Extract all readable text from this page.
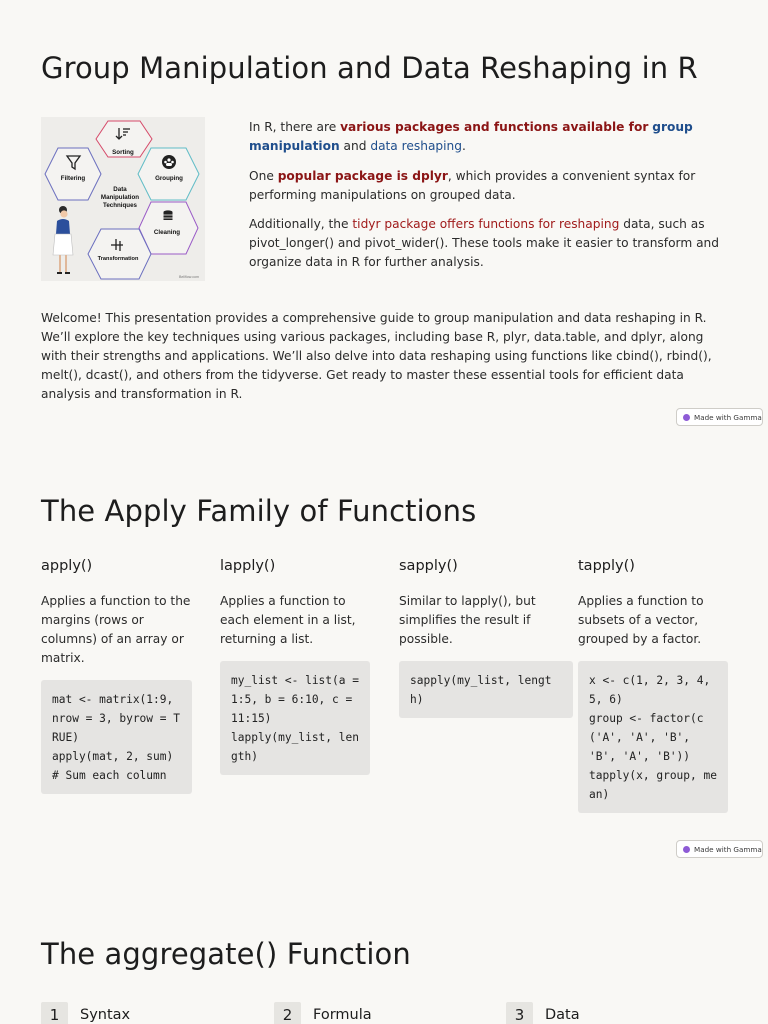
Group Manipulation and Data Reshaping in R
Sorting
Filtering	Grouping
Cleaning
Transformation
Data
Manipulation
Techniques
Bellflow.com

In R, there are various packages and functions available for group manipulation and data reshaping.

One popular package is dplyr, which provides a convenient syntax for performing manipulations on grouped data.

Additionally, the tidyr package offers functions for reshaping data, such as pivot_longer() and pivot_wider(). These tools make it easier to transform and organize data in R for further analysis.

Welcome! This presentation provides a comprehensive guide to group manipulation and data reshaping in R. We’ll explore the key techniques using various packages, including base R, plyr, data.table, and dplyr, along with their strengths and applications. We’ll also delve into data reshaping using functions like cbind(), rbind(), melt(), dcast(), and others from the tidyverse. Get ready to master these essential tools for efficient data analysis and transformation in R.

Made with Gamma
The Apply Family of Functions
apply()
Applies a function to the margins (rows or columns) of an array or matrix.
mat <- matrix(1:9, nrow = 3, byrow = TRUE)
apply(mat, 2, sum) # Sum each column
lapply()
Applies a function to each element in a list, returning a list.
my_list <- list(a = 1:5, b = 6:10, c = 11:15)
lapply(my_list, length)
sapply()
Similar to lapply(), but simplifies the result if possible.
sapply(my_list, length)
tapply()
Applies a function to subsets of a vector, grouped by a factor.
x <- c(1, 2, 3, 4, 5, 6)
group <- factor(c('A', 'A', 'B', 'B', 'A', 'B'))
tapply(x, group, mean)
Made with Gamma
The aggregate() Function
1	Syntax	2	Formula	3	Data
